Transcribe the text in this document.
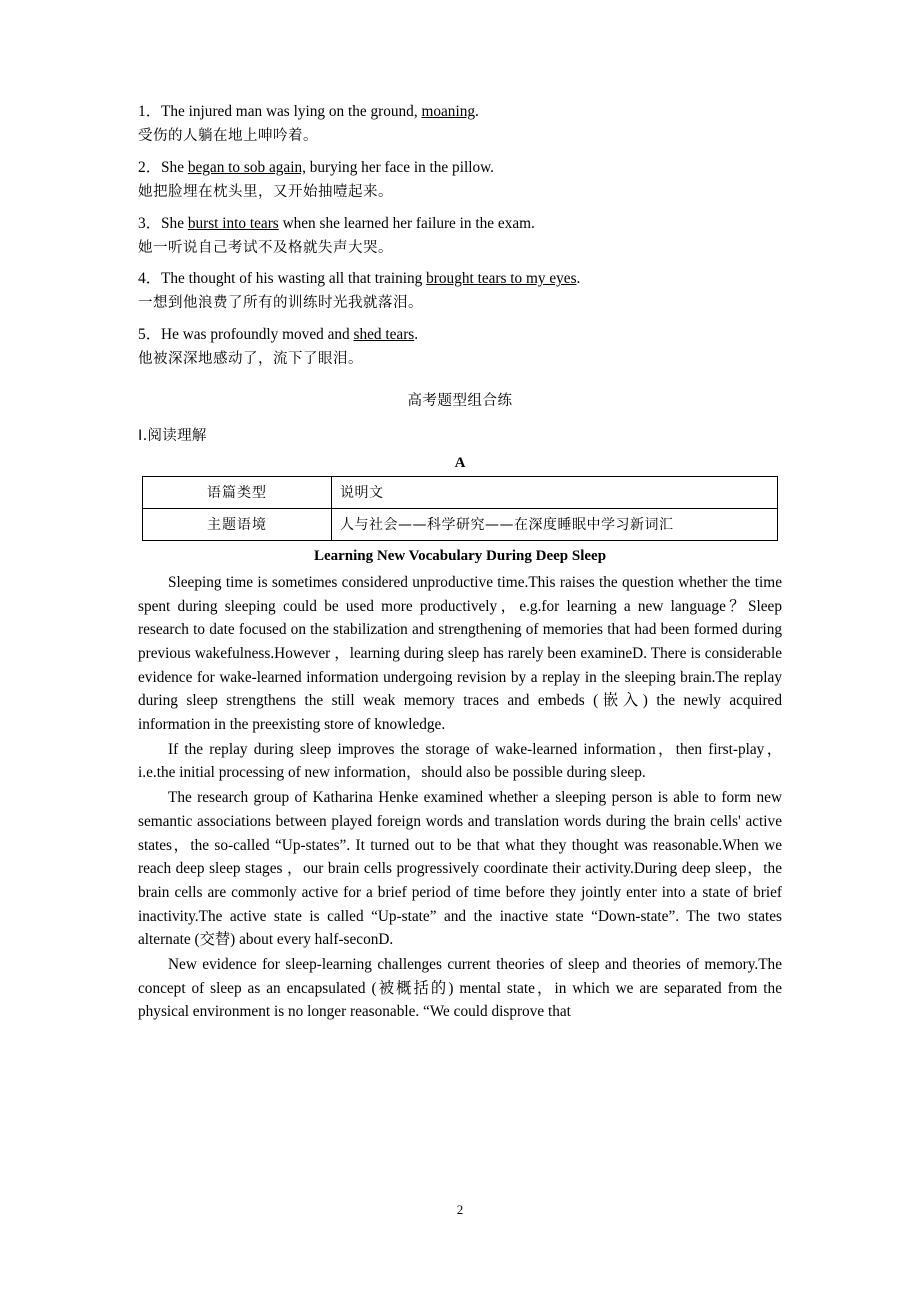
1．The injured man was lying on the ground, moaning.
受伤的人躺在地上呻吟着。
2．She began to sob again, burying her face in the pillow.
她把脸埋在枕头里，又开始抽噎起来。
3．She burst into tears when she learned her failure in the exam.
她一听说自己考试不及格就失声大哭。
4．The thought of his wasting all that training brought tears to my eyes.
一想到他浪费了所有的训练时光我就落泪。
5．He was profoundly moved and shed tears.
他被深深地感动了，流下了眼泪。
高考题型组合练
Ⅰ.阅读理解
A
语篇类型	说明文
主题语境	人与社会——科学研究——在深度睡眠中学习新词汇
Learning New Vocabulary During Deep Sleep
Sleeping time is sometimes considered unproductive time.This raises the question whether the time spent during sleeping could be used more productively，e.g.for learning a new language？Sleep research to date focused on the stabilization and strengthening of memories that had been formed during previous wakefulness.However ，learning during sleep has rarely been examineD. There is considerable evidence for wake‐learned information undergoing revision by a replay in the sleeping brain.The replay during sleep strengthens the still weak memory traces and embeds (嵌入) the newly acquired information in the preexisting store of knowledge.
If the replay during sleep improves the storage of wake‐learned information，then first‐play，i.e.the initial processing of new information，should also be possible during sleep.
The research group of Katharina Henke examined whether a sleeping person is able to form new semantic associations between played foreign words and translation words during the brain cells' active states，the so‐called “Up‐states”. It turned out to be that what they thought was reasonable.When we reach deep sleep stages ，our brain cells progressively coordinate their activity.During deep sleep，the brain cells are commonly active for a brief period of time before they jointly enter into a state of brief inactivity.The active state is called “Up-state” and the inactive state “Down-state”. The two states alternate (交替) about every half-seconD.
New evidence for sleep‐learning challenges current theories of sleep and theories of memory.The concept of sleep as an encapsulated (被概括的) mental state，in which we are separated from the physical environment is no longer reasonable. “We could disprove that
2
